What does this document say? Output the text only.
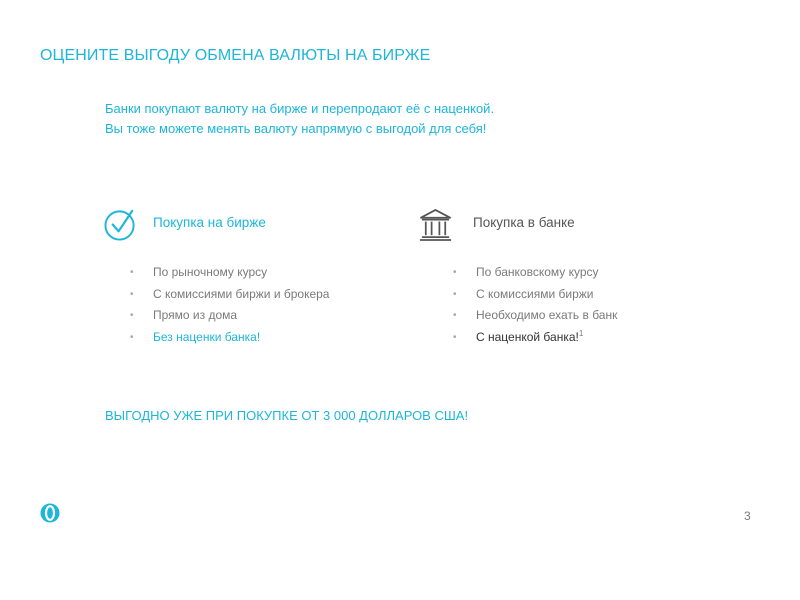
ОЦЕНИТЕ ВЫГОДУ ОБМЕНА ВАЛЮТЫ НА БИРЖЕ
Банки покупают валюту на бирже и перепродают её с наценкой.
Вы тоже можете менять валюту напрямую с выгодой для себя!
Покупка на бирже
• По рыночному курсу
• С комиссиями биржи и брокера
• Прямо из дома
• Без наценки банка!
Покупка в банке
• По банковскому курсу
• С комиссиями биржи
• Необходимо ехать в банк
• С наценкой банка!$^1$
ВЫГОДНО УЖЕ ПРИ ПОКУПКЕ ОТ 3 000 ДОЛЛАРОВ США!
3
